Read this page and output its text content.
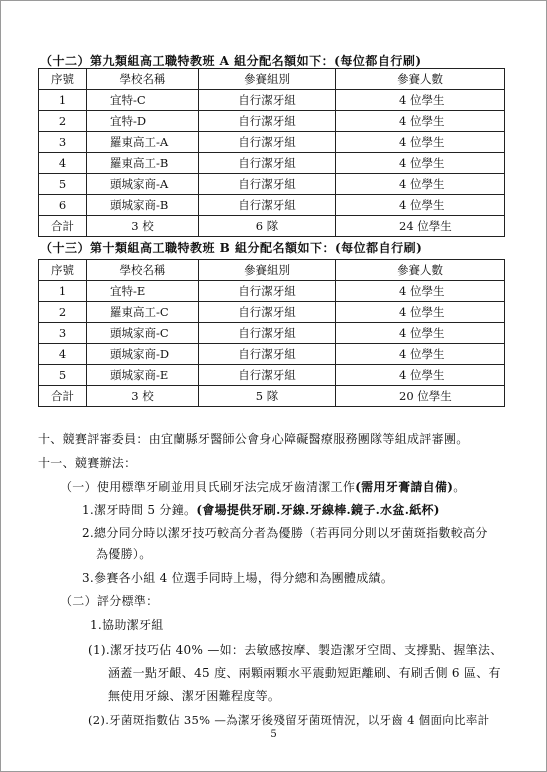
（十二）第九類組高工職特教班 A 組分配名額如下：(每位都自行刷)
序號	學校名稱	參賽組別	參賽人數
1	宜特-C	自行潔牙組	4 位學生
2	宜特-D	自行潔牙組	4 位學生
3	羅東高工-A	自行潔牙組	4 位學生
4	羅東高工-B	自行潔牙組	4 位學生
5	頭城家商-A	自行潔牙組	4 位學生
6	頭城家商-B	自行潔牙組	4 位學生
合計	3 校	6 隊	24 位學生
（十三）第十類組高工職特教班 B 組分配名額如下：(每位都自行刷)
序號	學校名稱	參賽組別	參賽人數
1	宜特-E	自行潔牙組	4 位學生
2	羅東高工-C	自行潔牙組	4 位學生
3	頭城家商-C	自行潔牙組	4 位學生
4	頭城家商-D	自行潔牙組	4 位學生
5	頭城家商-E	自行潔牙組	4 位學生
合計	3 校	5 隊	20 位學生
十、競賽評審委員：由宜蘭縣牙醫師公會身心障礙醫療服務團隊等組成評審團。
十一、競賽辦法：
（一）使用標準牙刷並用貝氏刷牙法完成牙齒清潔工作(需用牙膏請自備)。
1.潔牙時間 5 分鐘。(會場提供牙刷.牙線.牙線棒.鏡子.水盆.紙杯)
2.總分同分時以潔牙技巧較高分者為優勝（若再同分則以牙菌斑指數較高分
為優勝）。
3.參賽各小組 4 位選手同時上場，得分總和為團體成績。
（二）評分標準：
1.協助潔牙組
(1).潔牙技巧佔 40% —如：去敏感按摩、製造潔牙空間、支撐點、握筆法、
涵蓋一點牙齦、45 度、兩顆兩顆水平震動短距離刷、有刷舌側 6 區、有
無使用牙線、潔牙困難程度等。
(2).牙菌斑指數佔 35% —為潔牙後殘留牙菌斑情況，以牙齒 4 個面向比率計
5
